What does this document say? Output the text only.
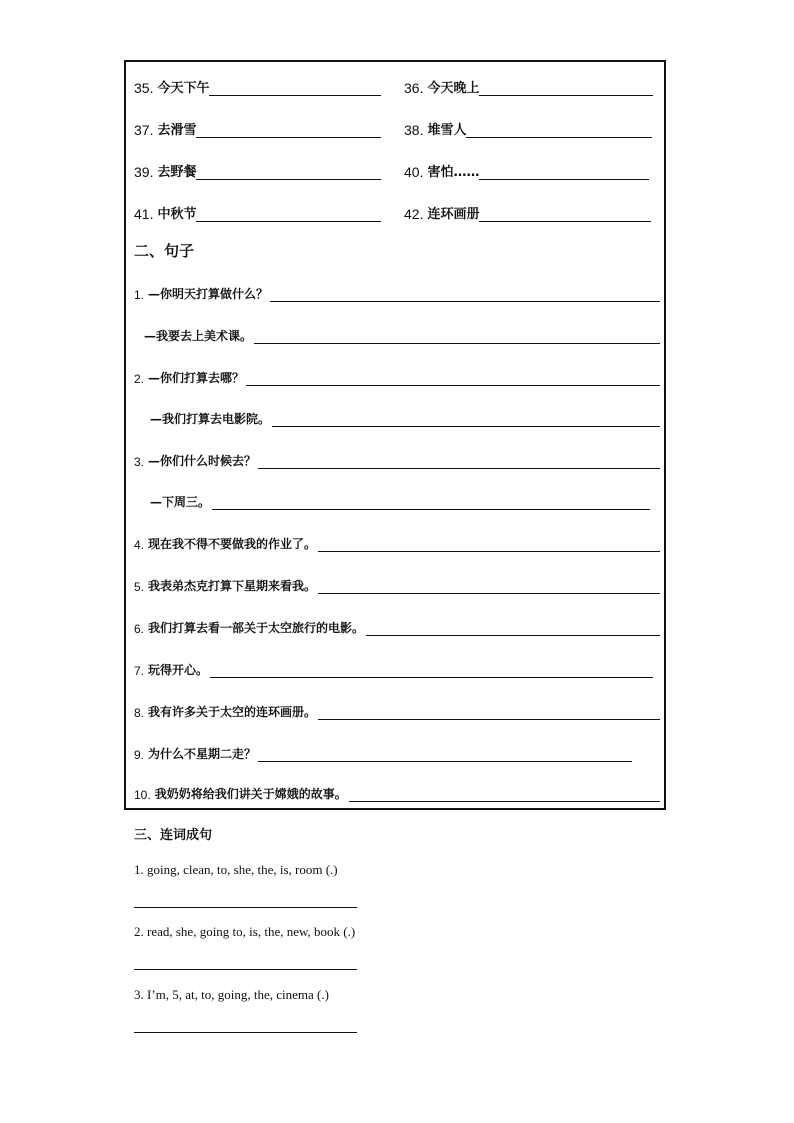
35. 今天下午	36. 今天晚上
37. 去滑雪	38. 堆雪人
39. 去野餐	40. 害怕……
41. 中秋节	42. 连环画册
二、句子
1. —你明天打算做什么？
—我要去上美术课。
2. —你们打算去哪？
—我们打算去电影院。
3. —你们什么时候去？
—下周三。
4. 现在我不得不要做我的作业了。
5. 我表弟杰克打算下星期来看我。
6. 我们打算去看一部关于太空旅行的电影。
7. 玩得开心。
8. 我有许多关于太空的连环画册。
9. 为什么不星期二走？
10. 我奶奶将给我们讲关于嫦娥的故事。
三、连词成句
1. going, clean, to, she, the, is, room (.)
2. read, she, going to, is, the, new, book (.)
3. I’m, 5, at, to, going, the, cinema (.)
